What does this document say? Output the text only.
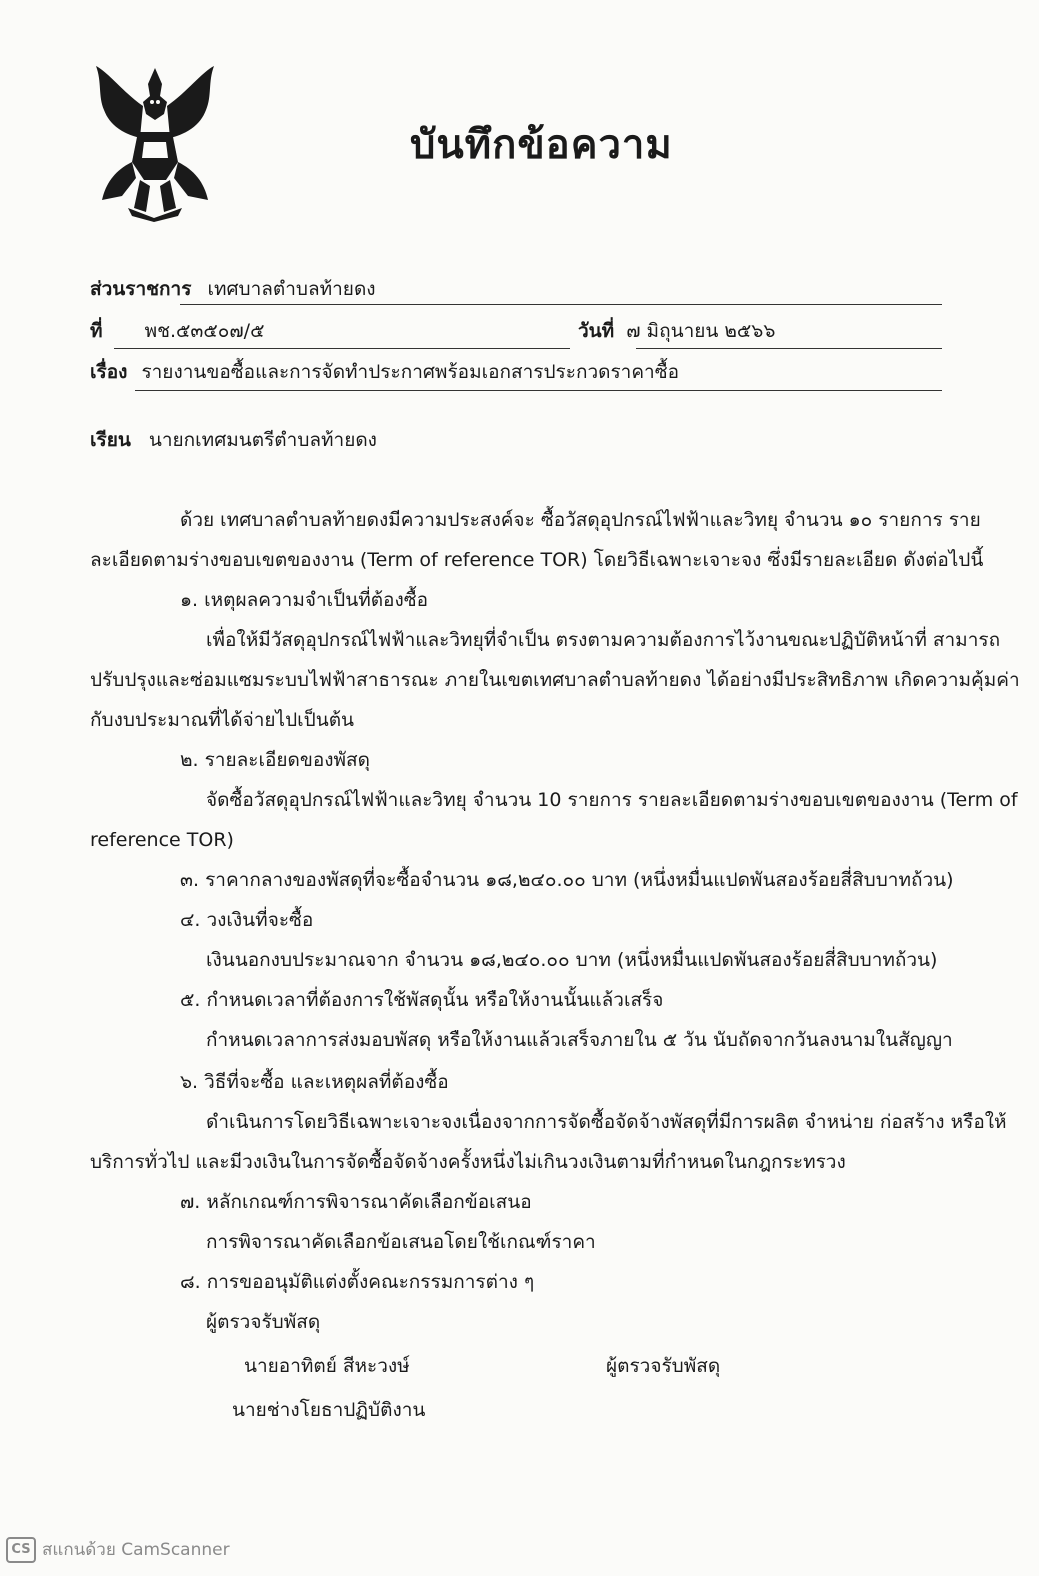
บันทึกข้อความ
ส่วนราชการ เทศบาลตำบลท้ายดง
ที่ พช.๕๓๕๐๗/๕	วันที่ ๗ มิถุนายน ๒๕๖๖
เรื่อง รายงานขอซื้อและการจัดทำประกาศพร้อมเอกสารประกวดราคาซื้อ
เรียน นายกเทศมนตรีตำบลท้ายดง
ด้วย เทศบาลตำบลท้ายดงมีความประสงค์จะ ซื้อวัสดุอุปกรณ์ไฟฟ้าและวิทยุ จำนวน ๑๐ รายการ ราย
ละเอียดตามร่างขอบเขตของงาน (Term of reference TOR) โดยวิธีเฉพาะเจาะจง ซึ่งมีรายละเอียด ดังต่อไปนี้
๑. เหตุผลความจำเป็นที่ต้องซื้อ
เพื่อให้มีวัสดุอุปกรณ์ไฟฟ้าและวิทยุที่จำเป็น ตรงตามความต้องการไว้งานขณะปฏิบัติหน้าที่ สามารถ
ปรับปรุงและซ่อมแซมระบบไฟฟ้าสาธารณะ ภายในเขตเทศบาลตำบลท้ายดง ได้อย่างมีประสิทธิภาพ เกิดความคุ้มค่า
กับงบประมาณที่ได้จ่ายไปเป็นต้น
๒. รายละเอียดของพัสดุ
จัดซื้อวัสดุอุปกรณ์ไฟฟ้าและวิทยุ จำนวน 10 รายการ รายละเอียดตามร่างขอบเขตของงาน (Term of
reference TOR)
๓. ราคากลางของพัสดุที่จะซื้อจำนวน ๑๘,๒๔๐.๐๐ บาท (หนึ่งหมื่นแปดพันสองร้อยสี่สิบบาทถ้วน)
๔. วงเงินที่จะซื้อ
เงินนอกงบประมาณจาก จำนวน ๑๘,๒๔๐.๐๐ บาท (หนึ่งหมื่นแปดพันสองร้อยสี่สิบบาทถ้วน)
๕. กำหนดเวลาที่ต้องการใช้พัสดุนั้น หรือให้งานนั้นแล้วเสร็จ
กำหนดเวลาการส่งมอบพัสดุ หรือให้งานแล้วเสร็จภายใน ๕ วัน นับถัดจากวันลงนามในสัญญา
๖. วิธีที่จะซื้อ และเหตุผลที่ต้องซื้อ
ดำเนินการโดยวิธีเฉพาะเจาะจงเนื่องจากการจัดซื้อจัดจ้างพัสดุที่มีการผลิต จำหน่าย ก่อสร้าง หรือให้
บริการทั่วไป และมีวงเงินในการจัดซื้อจัดจ้างครั้งหนึ่งไม่เกินวงเงินตามที่กำหนดในกฎกระทรวง
๗. หลักเกณฑ์การพิจารณาคัดเลือกข้อเสนอ
การพิจารณาคัดเลือกข้อเสนอโดยใช้เกณฑ์ราคา
๘. การขออนุมัติแต่งตั้งคณะกรรมการต่าง ๆ
ผู้ตรวจรับพัสดุ
นายอาทิตย์ สีหะวงษ์	ผู้ตรวจรับพัสดุ
นายช่างโยธาปฏิบัติงาน
CS สแกนด้วย CamScanner
